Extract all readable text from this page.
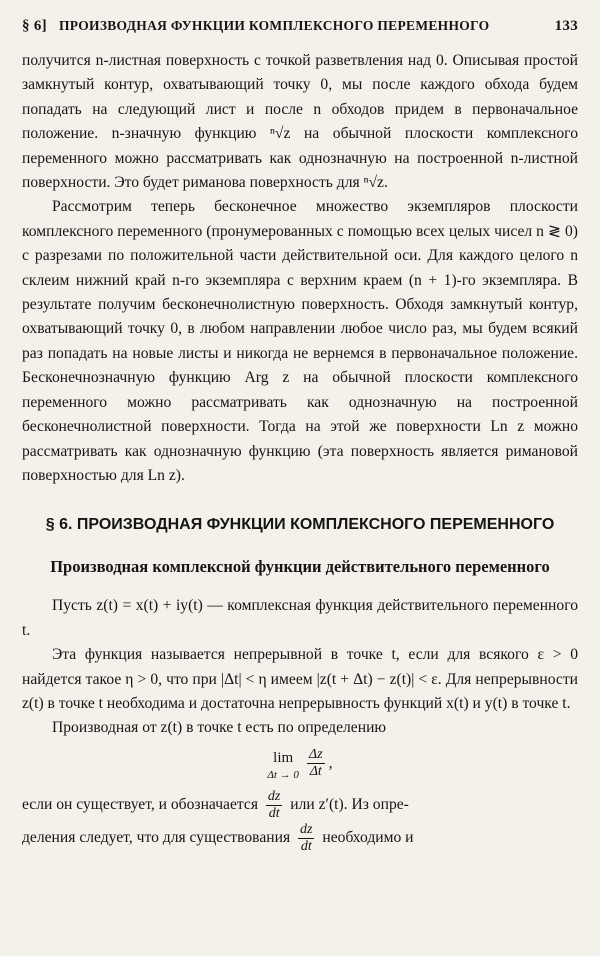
§ 6] ПРОИЗВОДНАЯ ФУНКЦИИ КОМПЛЕКСНОГО ПЕРЕМЕННОГО	133

получится n-листная поверхность с точкой разветвления над 0. Описывая простой замкнутый контур, охватывающий точку 0, мы после каждого обхода будем попадать на следующий лист и после n обходов придем в первоначальное положение. n-значную функцию ⁿ√z на обычной плоскости комплексного переменного можно рассматривать как однозначную на построенной n-листной поверхности. Это будет риманова поверхность для ⁿ√z.

Рассмотрим теперь бесконечное множество экземпляров плоскости комплексного переменного (пронумерованных с помощью всех целых чисел n ≷ 0) с разрезами по положительной части действительной оси. Для каждого целого n склеим нижний край n-го экземпляра с верхним краем (n + 1)-го экземпляра. В результате получим бесконечнолистную поверхность. Обходя замкнутый контур, охватывающий точку 0, в любом направлении любое число раз, мы будем всякий раз попадать на новые листы и никогда не вернемся в первоначальное положение. Бесконечнозначную функцию Arg z на обычной плоскости комплексного переменного можно рассматривать как однозначную на построенной бесконечнолистной поверхности. Тогда на этой же поверхности Ln z можно рассматривать как однозначную функцию (эта поверхность является римановой поверхностью для Ln z).

§ 6. ПРОИЗВОДНАЯ ФУНКЦИИ КОМПЛЕКСНОГО ПЕРЕМЕННОГО
Производная комплексной функции действительного переменного

Пусть z(t) = x(t) + iy(t) — комплексная функция действительного переменного t.

Эта функция называется непрерывной в точке t, если для всякого ε > 0 найдется такое η > 0, что при |Δt| < η имеем |z(t + Δt) − z(t)| < ε. Для непрерывности z(t) в точке t необходима и достаточна непрерывность функций x(t) и y(t) в точке t.

Производная от z(t) в точке t есть по определению

lim
Δt → 0
$\frac{\Delta z}{\Delta t}$ ,

если он существует, и обозначается $\frac{dz}{dt}$ или z′(t). Из опре-

деления следует, что для существования $\frac{dz}{dt}$ необходимо и
